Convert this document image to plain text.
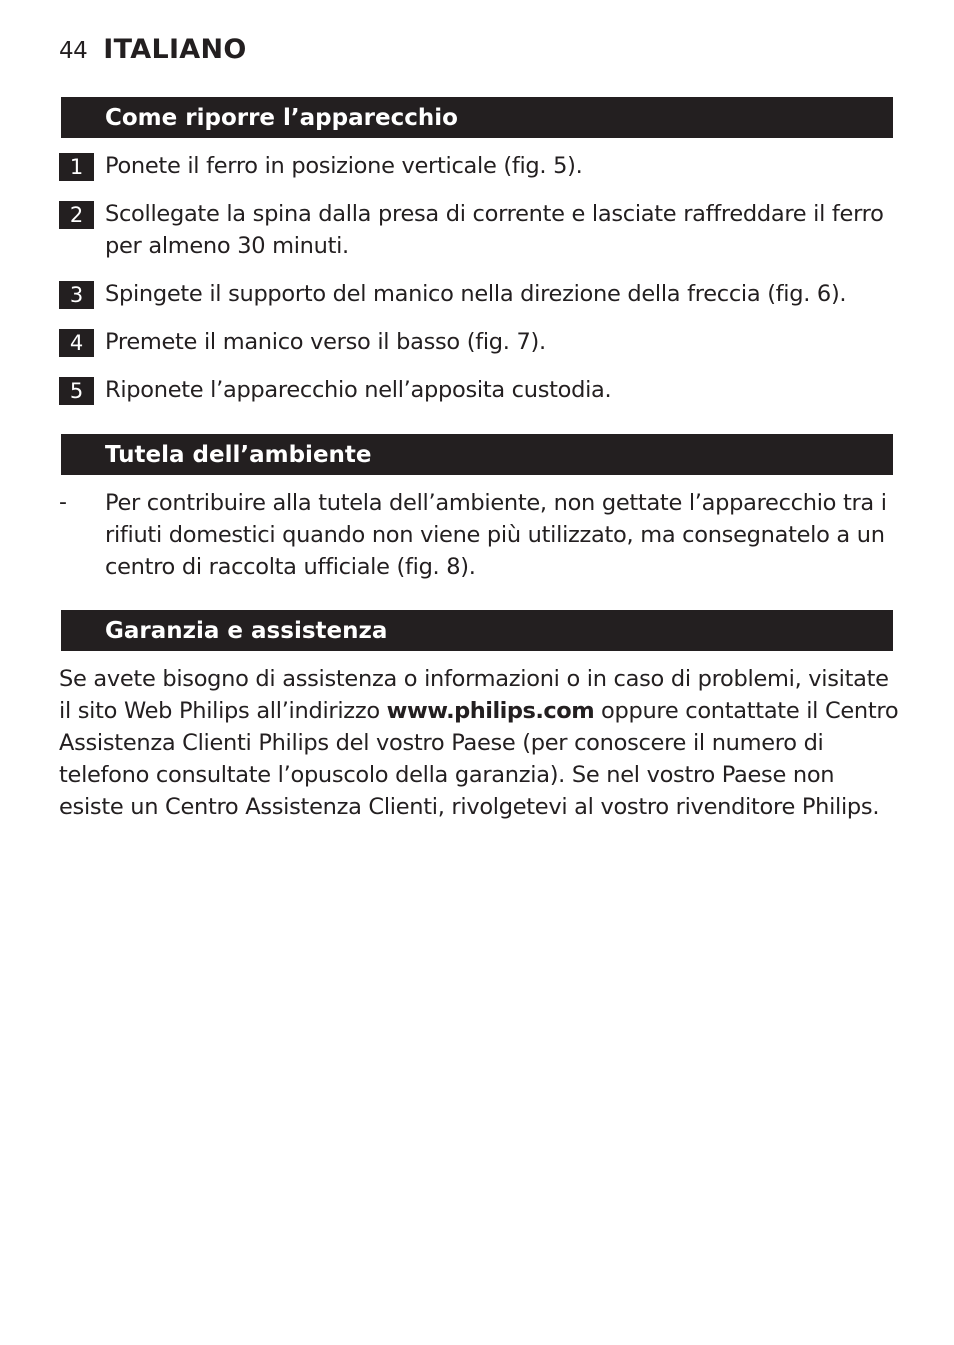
44 ITALIANO
Come riporre l’apparecchio
1 Ponete il ferro in posizione verticale (fig. 5).
2 Scollegate la spina dalla presa di corrente e lasciate raffreddare il ferro per almeno 30 minuti.
3 Spingete il supporto del manico nella direzione della freccia (fig. 6).
4 Premete il manico verso il basso (fig. 7).
5 Riponete l’apparecchio nell’apposita custodia.
Tutela dell’ambiente
- Per contribuire alla tutela dell’ambiente, non gettate l’apparecchio tra i rifiuti domestici quando non viene più utilizzato, ma consegnatelo a un centro di raccolta ufficiale (fig. 8).
Garanzia e assistenza
Se avete bisogno di assistenza o informazioni o in caso di problemi, visitate il sito Web Philips all’indirizzo www.philips.com oppure contattate il Centro Assistenza Clienti Philips del vostro Paese (per conoscere il numero di telefono consultate l’opuscolo della garanzia). Se nel vostro Paese non esiste un Centro Assistenza Clienti, rivolgetevi al vostro rivenditore Philips.
